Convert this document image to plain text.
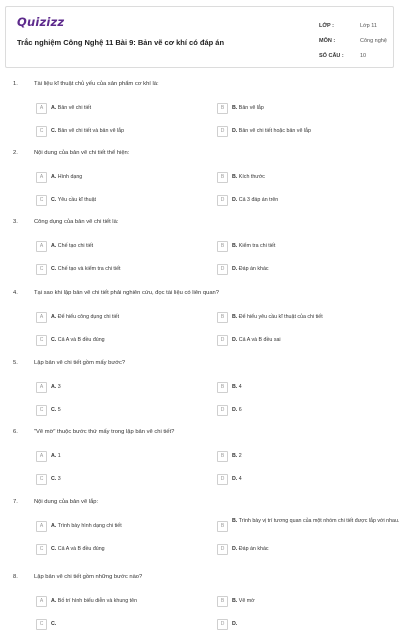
Quizizz
Trắc nghiệm Công Nghệ 11 Bài 9: Bản vẽ cơ khí có đáp án
LỚP :	Lớp 11
MÔN :	Công nghệ
SỐ CÂU :	10
1.	Tài liệu kĩ thuật chủ yếu của sản phẩm cơ khí là:
A	A. Bản vẽ chi tiết	B	B. Bản vẽ lắp
C	C. Bản vẽ chi tiết và bản vẽ lắp	D	D. Bản vẽ chi tiết hoặc bản vẽ lắp
2.	Nội dung của bản vẽ chi tiết thể hiện:
A	A. Hình dạng	B	B. Kích thước
C	C. Yêu cầu kĩ thuật	D	D. Cả 3 đáp án trên
3.	Công dụng của bản vẽ chi tiết là:
A	A. Chế tạo chi tiết	B	B. Kiểm tra chi tiết
C	C. Chế tạo và kiểm tra chi tiết	D	D. Đáp án khác
4.	Tại sao khi lập bản vẽ chi tiết phải nghiên cứu, đọc tài liệu có liên quan?
A	A. Để hiểu công dụng chi tiết	B	B. Để hiểu yêu cầu kĩ thuật của chi tiết
C	C. Cả A và B đều đúng	D	D. Cả A và B đều sai
5.	Lập bản vẽ chi tiết gồm mấy bước?
A	A. 3	B	B. 4
C	C. 5	D	D. 6
6.	"Vẽ mờ" thuộc bước thứ mấy trong lập bản vẽ chi tiết?
A	A. 1	B	B. 2
C	C. 3	D	D. 4
7.	Nội dung của bản vẽ lắp:
A	A. Trình bày hình dạng chi tiết	B
B. Trình bày vị trí tương quan của một nhóm chi tiết được lắp với nhau.
C	C. Cả A và B đều đúng	D	D. Đáp án khác
8.	Lập bản vẽ chi tiết gồm những bước nào?
A	A. Bố trí hình biểu diễn và khung tên	B	B. Vẽ mờ
C	C.	D	D.
